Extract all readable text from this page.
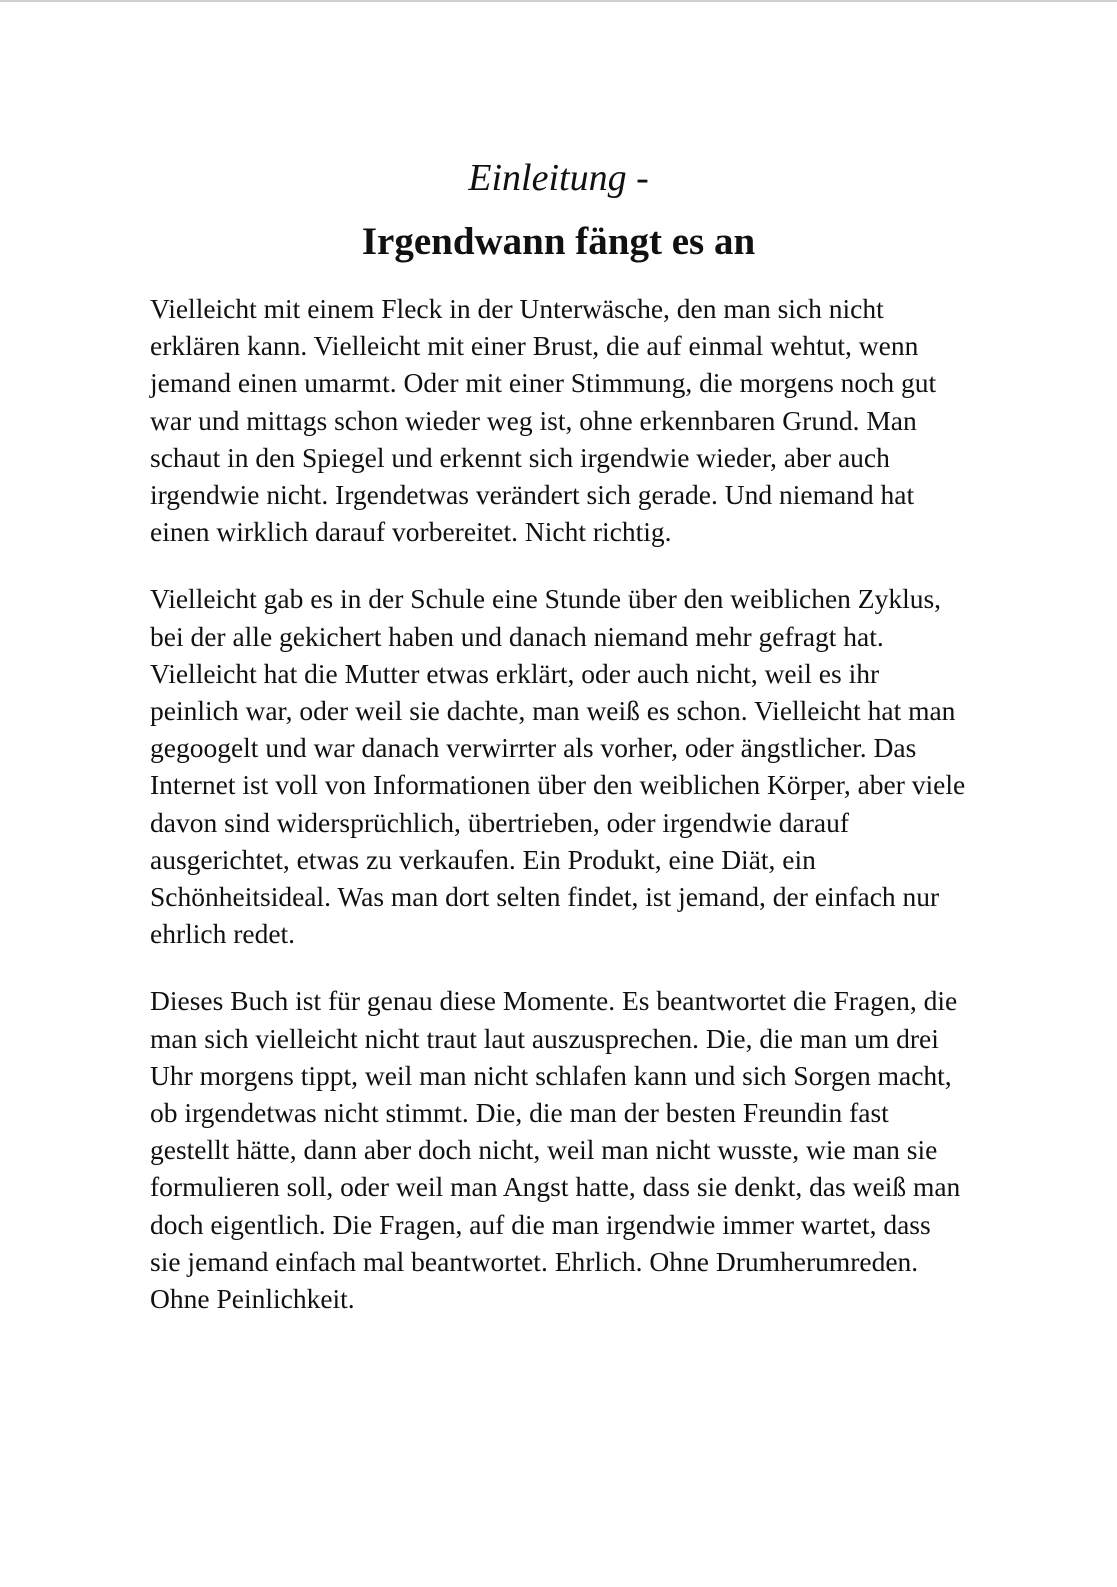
Einleitung -
Irgendwann fängt es an

Vielleicht mit einem Fleck in der Unterwäsche, den man sich nicht erklären kann. Vielleicht mit einer Brust, die auf einmal wehtut, wenn jemand einen umarmt. Oder mit einer Stimmung, die morgens noch gut war und mittags schon wieder weg ist, ohne erkennbaren Grund. Man schaut in den Spiegel und erkennt sich irgendwie wieder, aber auch irgendwie nicht. Irgendetwas verändert sich gerade. Und niemand hat einen wirklich darauf vorbereitet. Nicht richtig.

Vielleicht gab es in der Schule eine Stunde über den weiblichen Zyklus, bei der alle gekichert haben und danach niemand mehr gefragt hat. Vielleicht hat die Mutter etwas erklärt, oder auch nicht, weil es ihr peinlich war, oder weil sie dachte, man weiß es schon. Vielleicht hat man gegoogelt und war danach verwirrter als vorher, oder ängstlicher. Das Internet ist voll von Informationen über den weiblichen Körper, aber viele davon sind widersprüchlich, übertrieben, oder irgendwie darauf ausgerichtet, etwas zu verkaufen. Ein Produkt, eine Diät, ein Schönheitsideal. Was man dort selten findet, ist jemand, der einfach nur ehrlich redet.

Dieses Buch ist für genau diese Momente. Es beantwortet die Fragen, die man sich vielleicht nicht traut laut auszusprechen. Die, die man um drei Uhr morgens tippt, weil man nicht schlafen kann und sich Sorgen macht, ob irgendetwas nicht stimmt. Die, die man der besten Freundin fast gestellt hätte, dann aber doch nicht, weil man nicht wusste, wie man sie formulieren soll, oder weil man Angst hatte, dass sie denkt, das weiß man doch eigentlich. Die Fragen, auf die man irgendwie immer wartet, dass sie jemand einfach mal beantwortet. Ehrlich. Ohne Drumherumreden. Ohne Peinlichkeit.
